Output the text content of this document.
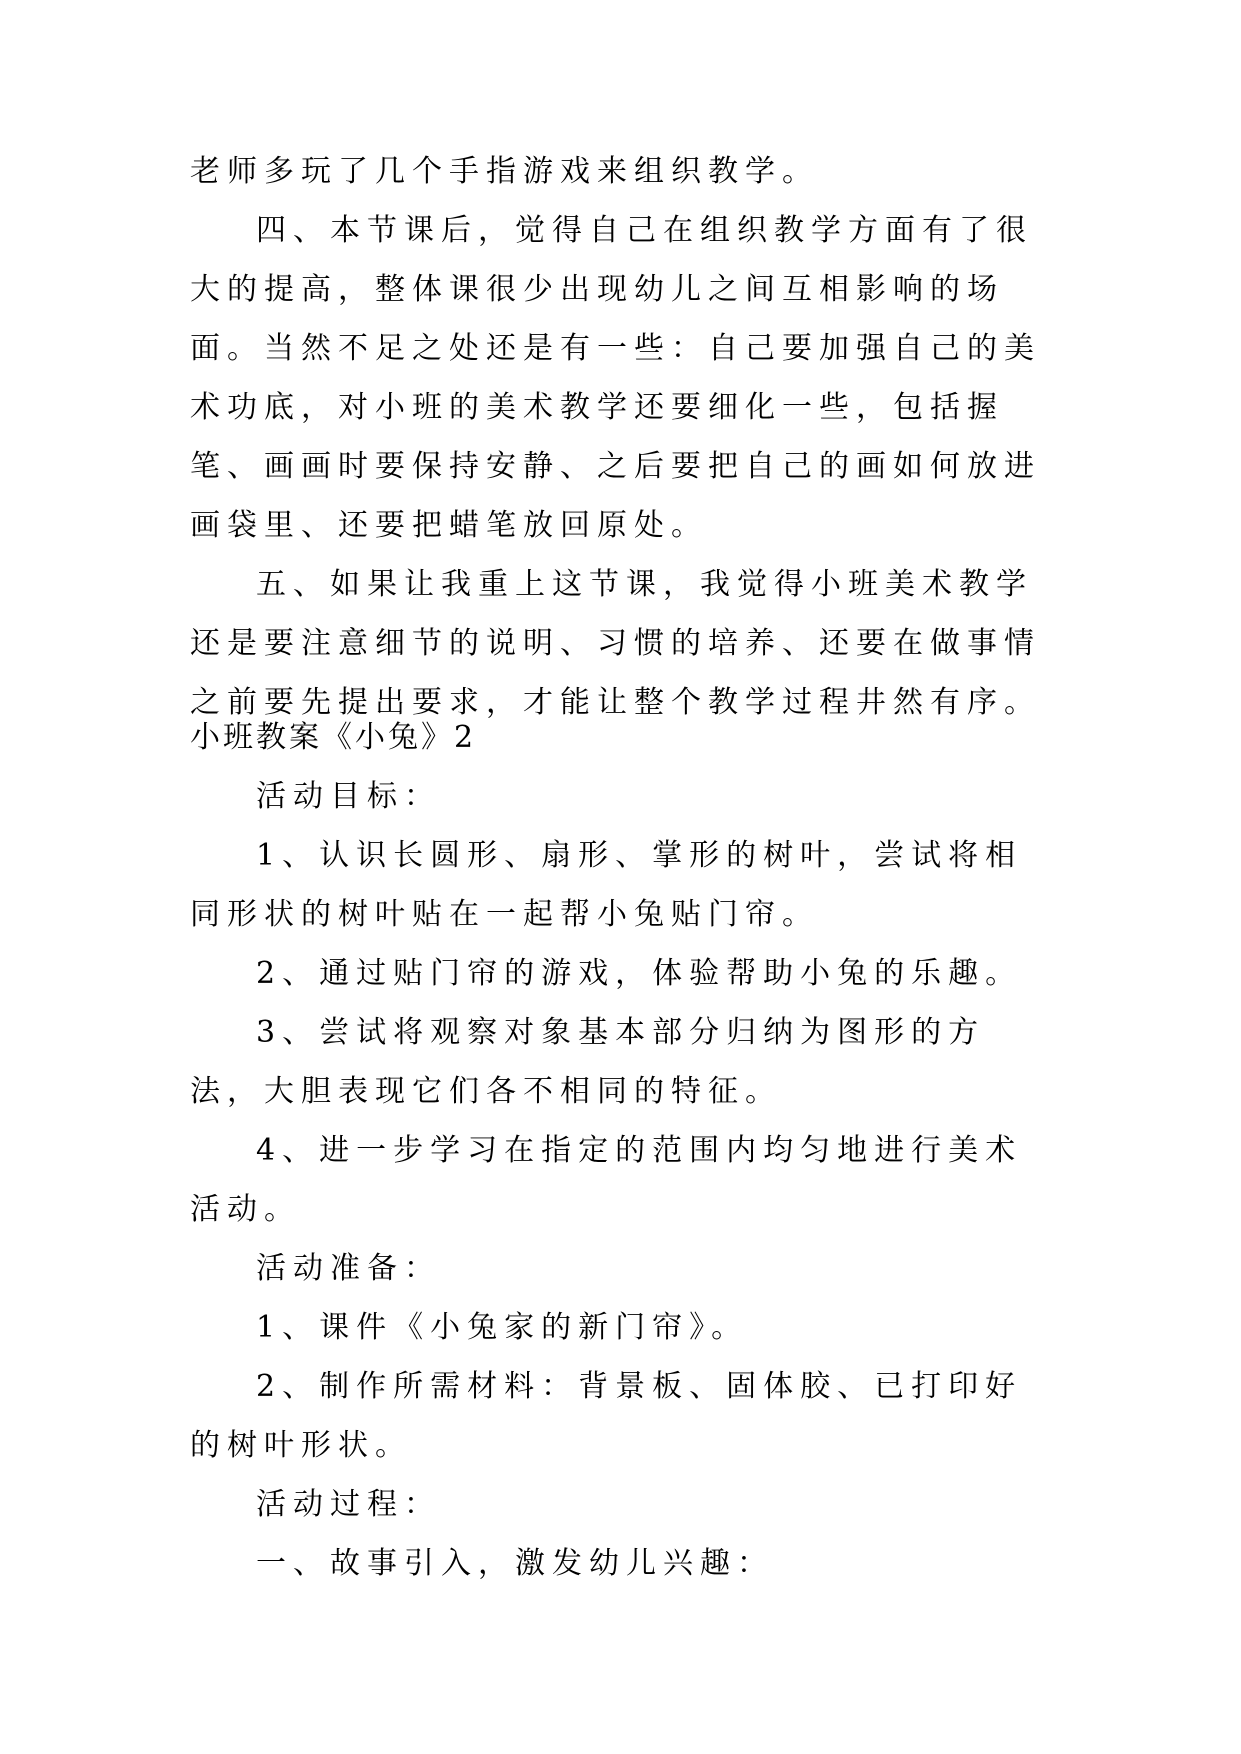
老师多玩了几个手指游戏来组织教学。

四、本节课后，觉得自己在组织教学方面有了很大的提高，整体课很少出现幼儿之间互相影响的场面。当然不足之处还是有一些：自己要加强自己的美术功底，对小班的美术教学还要细化一些，包括握笔、画画时要保持安静、之后要把自己的画如何放进画袋里、还要把蜡笔放回原处。

五、如果让我重上这节课，我觉得小班美术教学还是要注意细节的说明、习惯的培养、还要在做事情之前要先提出要求，才能让整个教学过程井然有序。

小班教案《小兔》2

活动目标：

1、认识长圆形、扇形、掌形的树叶，尝试将相同形状的树叶贴在一起帮小兔贴门帘。

2、通过贴门帘的游戏，体验帮助小兔的乐趣。

3、尝试将观察对象基本部分归纳为图形的方法，大胆表现它们各不相同的特征。

4、进一步学习在指定的范围内均匀地进行美术活动。

活动准备：

1、课件《小兔家的新门帘》。

2、制作所需材料：背景板、固体胶、已打印好的树叶形状。

活动过程：

一、故事引入，激发幼儿兴趣：
